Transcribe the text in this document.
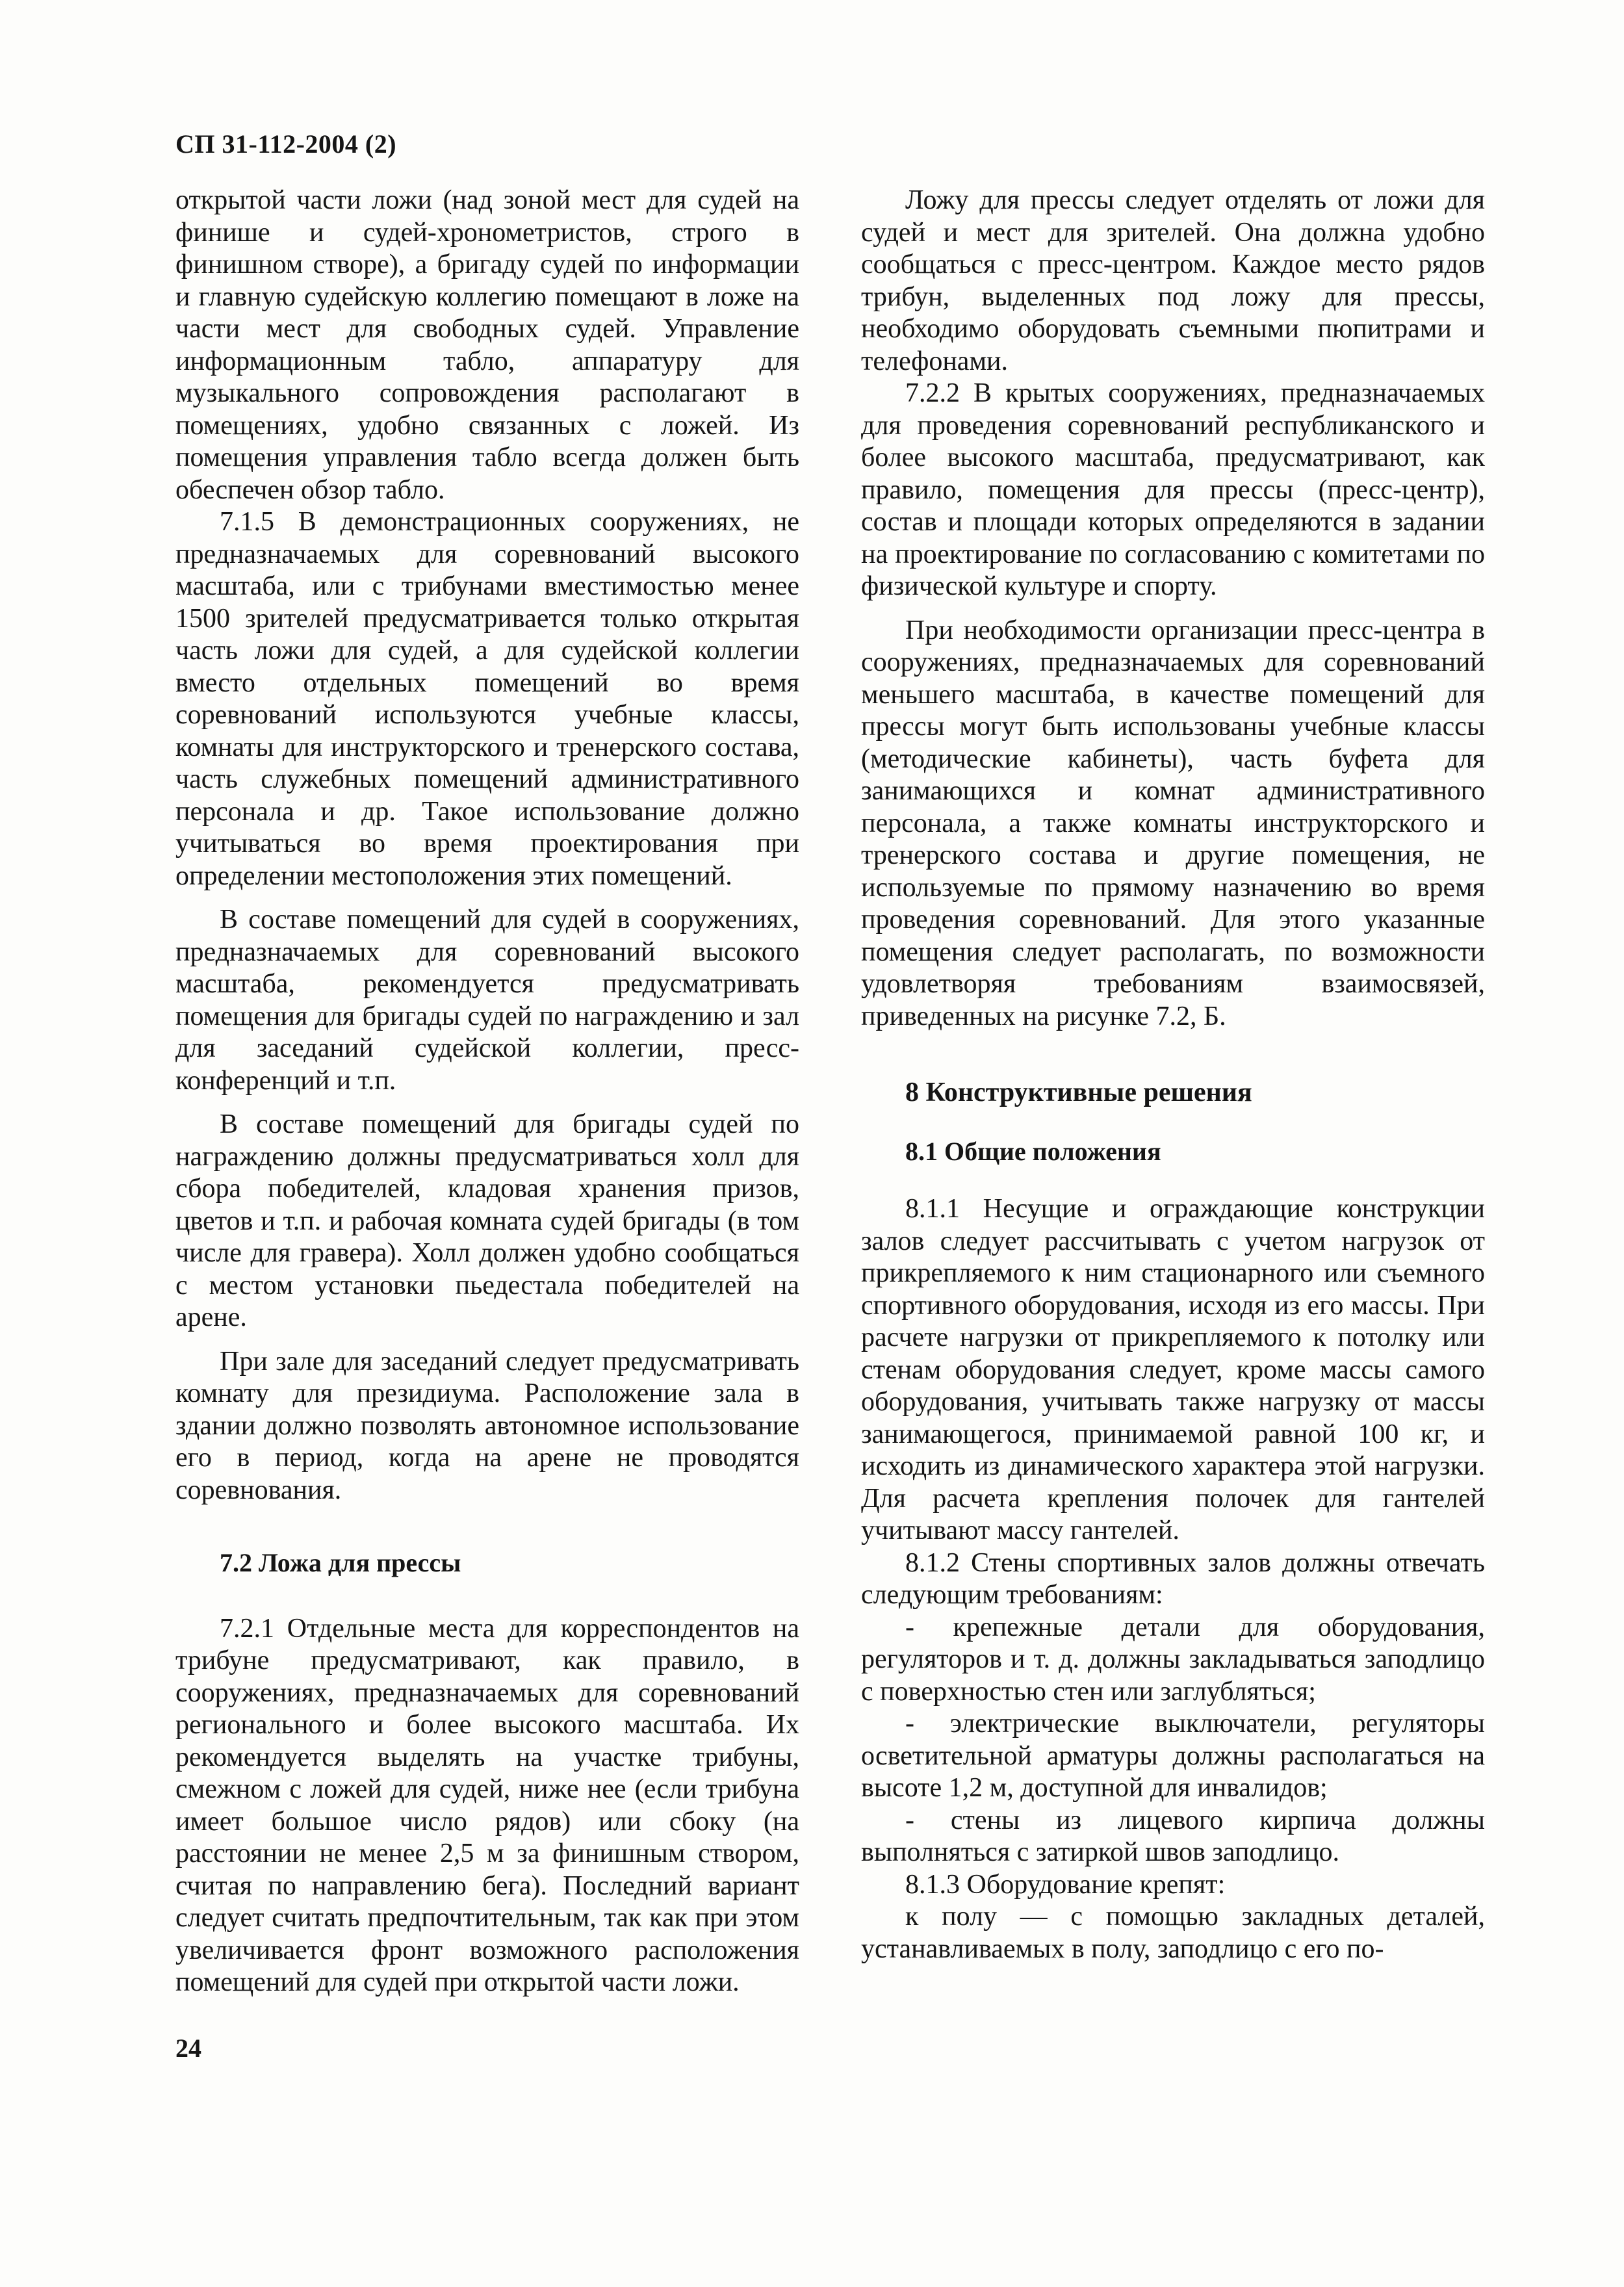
СП 31-112-2004 (2)

открытой части ложи (над зоной мест для судей на финише и судей-хронометристов, строго в финишном створе), а бригаду судей по информации и главную судейскую коллегию помещают в ложе на части мест для свободных судей. Управление информационным табло, аппаратуру для музыкального сопровождения располагают в помещениях, удобно связанных с ложей. Из помещения управления табло всегда должен быть обеспечен обзор табло.

7.1.5 В демонстрационных сооружениях, не предназначаемых для соревнований высокого масштаба, или с трибунами вместимостью менее 1500 зрителей предусматривается только открытая часть ложи для судей, а для судейской коллегии вместо отдельных помещений во время соревнований используются учебные классы, комнаты для инструкторского и тренерского состава, часть служебных помещений административного персонала и др. Такое использование должно учитываться во время проектирования при определении местоположения этих помещений.

В составе помещений для судей в сооружениях, предназначаемых для соревнований высокого масштаба, рекомендуется предусматривать помещения для бригады судей по награждению и зал для заседаний судейской коллегии, пресс-конференций и т.п.

В составе помещений для бригады судей по награждению должны предусматриваться холл для сбора победителей, кладовая хранения призов, цветов и т.п. и рабочая комната судей бригады (в том числе для гравера). Холл должен удобно сообщаться с местом установки пьедестала победителей на арене.

При зале для заседаний следует предусматривать комнату для президиума. Расположение зала в здании должно позволять автономное использование его в период, когда на арене не проводятся соревнования.

7.2 Ложа для прессы

7.2.1 Отдельные места для корреспондентов на трибуне предусматривают, как правило, в сооружениях, предназначаемых для соревнований регионального и более высокого масштаба. Их рекомендуется выделять на участке трибуны, смежном с ложей для судей, ниже нее (если трибуна имеет большое число рядов) или сбоку (на расстоянии не менее 2,5 м за финишным створом, считая по направлению бега). Последний вариант следует считать предпочтительным, так как при этом увеличивается фронт возможного расположения помещений для судей при открытой части ложи.

Ложу для прессы следует отделять от ложи для судей и мест для зрителей. Она должна удобно сообщаться с пресс-центром. Каждое место рядов трибун, выделенных под ложу для прессы, необходимо оборудовать съемными пюпитрами и телефонами.

7.2.2 В крытых сооружениях, предназначаемых для проведения соревнований республиканского и более высокого масштаба, предусматривают, как правило, помещения для прессы (пресс-центр), состав и площади которых определяются в задании на проектирование по согласованию с комитетами по физической культуре и спорту.

При необходимости организации пресс-центра в сооружениях, предназначаемых для соревнований меньшего масштаба, в качестве помещений для прессы могут быть использованы учебные классы (методические кабинеты), часть буфета для занимающихся и комнат административного персонала, а также комнаты инструкторского и тренерского состава и другие помещения, не используемые по прямому назначению во время проведения соревнований. Для этого указанные помещения следует располагать, по возможности удовлетворяя требованиям взаимосвязей, приведенных на рисунке 7.2, Б.

8 Конструктивные решения
8.1 Общие положения

8.1.1 Несущие и ограждающие конструкции залов следует рассчитывать с учетом нагрузок от прикрепляемого к ним стационарного или съемного спортивного оборудования, исходя из его массы. При расчете нагрузки от прикрепляемого к потолку или стенам оборудования следует, кроме массы самого оборудования, учитывать также нагрузку от массы занимающегося, принимаемой равной 100 кг, и исходить из динамического характера этой нагрузки. Для расчета крепления полочек для гантелей учитывают массу гантелей.

8.1.2 Стены спортивных залов должны отвечать следующим требованиям:

- крепежные детали для оборудования, регуляторов и т. д. должны закладываться заподлицо с поверхностью стен или заглубляться;

- электрические выключатели, регуляторы осветительной арматуры должны располагаться на высоте 1,2 м, доступной для инвалидов;

- стены из лицевого кирпича должны выполняться с затиркой швов заподлицо.

8.1.3 Оборудование крепят:

к полу — с помощью закладных деталей, устанавливаемых в полу, заподлицо с его по-

24
